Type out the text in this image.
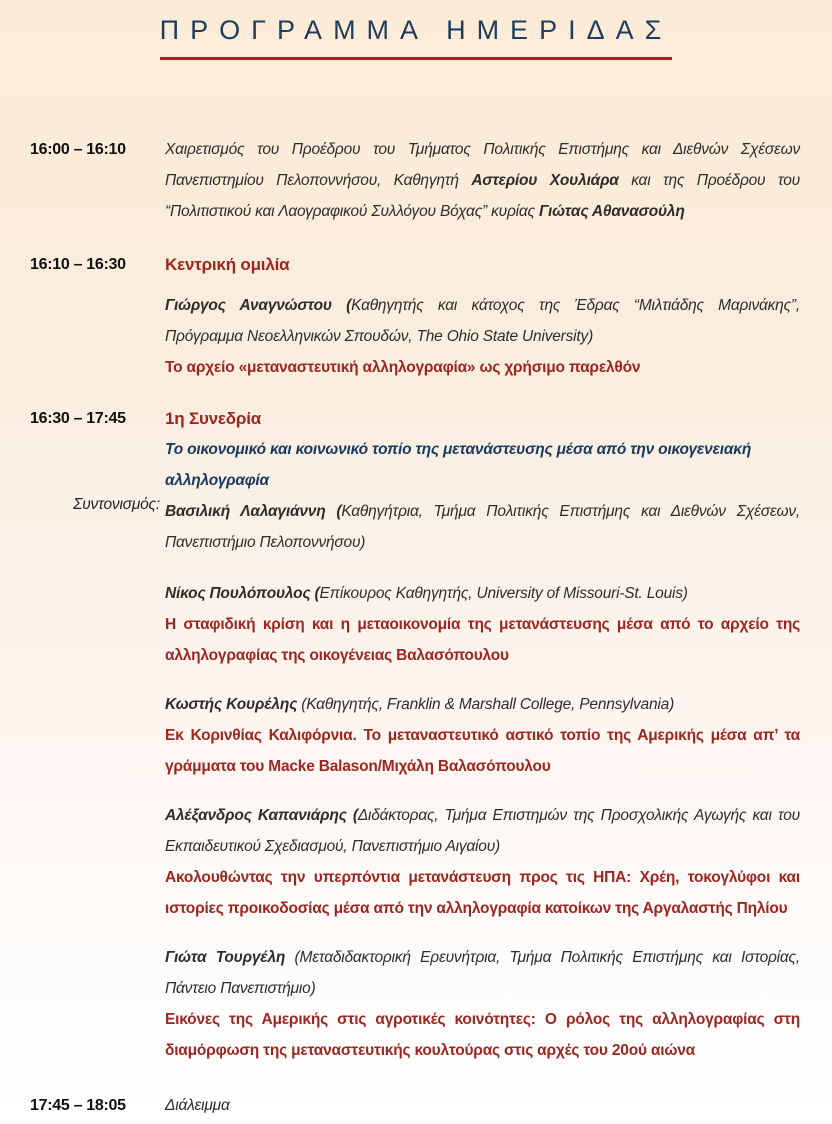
ΠΡΟΓΡΑΜΜΑ ΗΜΕΡΙΔΑΣ
16:00 – 16:10	Χαιρετισμός του Προέδρου του Τμήματος Πολιτικής Επιστήμης και Διεθνών Σχέσεων Πανεπιστημίου Πελοποννήσου, Καθηγητή Αστερίου Χουλιάρα και της Προέδρου του “Πολιτιστικού και Λαογραφικού Συλλόγου Βόχας” κυρίας Γιώτας Αθανασούλη
16:10 – 16:30	Κεντρική ομιλία
Γιώργος Αναγνώστου (Καθηγητής και κάτοχος της Έδρας “Μιλτιάδης Μαρινάκης”, Πρόγραμμα Νεοελληνικών Σπουδών, The Ohio State University)
Το αρχείο «μεταναστευτική αλληλογραφία» ως χρήσιμο παρελθόν
16:30 – 17:45	1η Συνεδρία
Το οικονομικό και κοινωνικό τοπίο της μετανάστευσης μέσα από την οικογενειακή αλληλογραφία
Συντονισμός: Βασιλική Λαλαγιάννη (Καθηγήτρια, Τμήμα Πολιτικής Επιστήμης και Διεθνών Σχέσεων, Πανεπιστήμιο Πελοποννήσου)
Νίκος Πουλόπουλος (Επίκουρος Καθηγητής, University of Missouri-St. Louis)
Η σταφιδική κρίση και η μεταοικονομία της μετανάστευσης μέσα από το αρχείο της αλληλογραφίας της οικογένειας Βαλασόπουλου
Κωστής Κουρέλης (Καθηγητής, Franklin & Marshall College, Pennsylvania)
Εκ Κορινθίας Καλιφόρνια. Το μεταναστευτικό αστικό τοπίο της Αμερικής μέσα απ’ τα γράμματα του Macke Balason/Μιχάλη Βαλασόπουλου
Αλέξανδρος Καπανιάρης (Διδάκτορας, Τμήμα Επιστημών της Προσχολικής Αγωγής και του Εκπαιδευτικού Σχεδιασμού, Πανεπιστήμιο Αιγαίου)
Ακολουθώντας την υπερπόντια μετανάστευση προς τις ΗΠΑ: Χρέη, τοκογλύφοι και ιστορίες προικοδοσίας μέσα από την αλληλογραφία κατοίκων της Αργαλαστής Πηλίου
Γιώτα Τουργέλη (Μεταδιδακτορική Ερευνήτρια, Τμήμα Πολιτικής Επιστήμης και Ιστορίας, Πάντειο Πανεπιστήμιο)
Εικόνες της Αμερικής στις αγροτικές κοινότητες: Ο ρόλος της αλληλογραφίας στη διαμόρφωση της μεταναστευτικής κουλτούρας στις αρχές του 20ού αιώνα
17:45 – 18:05	Διάλειμμα
